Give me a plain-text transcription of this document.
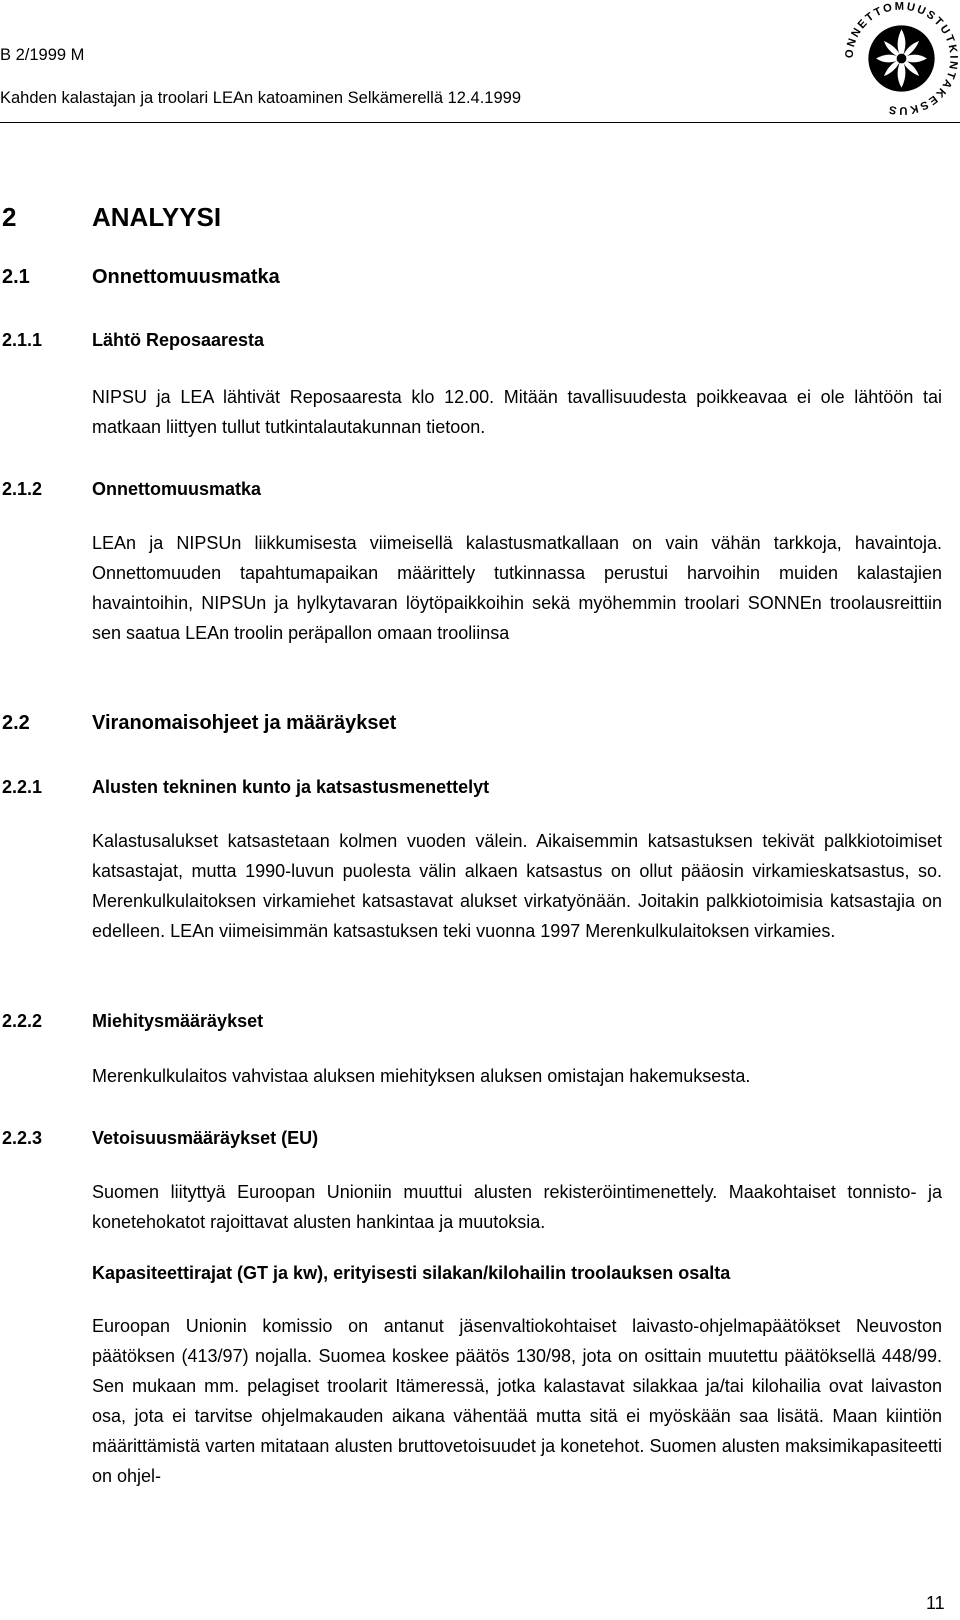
B 2/1999 M
Kahden kalastajan ja troolari LEAn katoaminen Selkämerellä 12.4.1999
ONNETTOMUUSTUTKINTAKESKUS
2	ANALYYSI
2.1	Onnettomuusmatka
2.1.1	Lähtö Reposaaresta
NIPSU ja LEA lähtivät Reposaaresta klo 12.00. Mitään tavallisuudesta poikkeavaa ei ole lähtöön tai matkaan liittyen tullut tutkintalautakunnan tietoon.
2.1.2	Onnettomuusmatka
LEAn ja NIPSUn liikkumisesta viimeisellä kalastusmatkallaan on vain vähän tarkkoja, havaintoja. Onnettomuuden tapahtumapaikan määrittely tutkinnassa perustui harvoihin muiden kalastajien havaintoihin, NIPSUn ja hylkytavaran löytöpaikkoihin sekä myöhemmin troolari SONNEn troolausreittiin sen saatua LEAn troolin peräpallon omaan trooliinsa
2.2	Viranomaisohjeet ja määräykset
2.2.1	Alusten tekninen kunto ja katsastusmenettelyt
Kalastusalukset katsastetaan kolmen vuoden välein. Aikaisemmin katsastuksen tekivät palkkiotoimiset katsastajat, mutta 1990-luvun puolesta välin alkaen katsastus on ollut pääosin virkamieskatsastus, so. Merenkulkulaitoksen virkamiehet katsastavat alukset virkatyönään. Joitakin palkkiotoimisia katsastajia on edelleen. LEAn viimeisimmän katsastuksen teki vuonna 1997 Merenkulkulaitoksen virkamies.
2.2.2	Miehitysmääräykset
Merenkulkulaitos vahvistaa aluksen miehityksen aluksen omistajan hakemuksesta.
2.2.3	Vetoisuusmääräykset (EU)
Suomen liityttyä Euroopan Unioniin muuttui alusten rekisteröintimenettely. Maakohtaiset tonnisto- ja konetehokatot rajoittavat alusten hankintaa ja muutoksia.
Kapasiteettirajat (GT ja kw), erityisesti silakan/kilohailin troolauksen osalta
Euroopan Unionin komissio on antanut jäsenvaltiokohtaiset laivasto-ohjelmapäätökset Neuvoston päätöksen (413/97) nojalla. Suomea koskee päätös 130/98, jota on osittain muutettu päätöksellä 448/99. Sen mukaan mm. pelagiset troolarit Itämeressä, jotka kalastavat silakkaa ja/tai kilohailia ovat laivaston osa, jota ei tarvitse ohjelmakauden aikana vähentää mutta sitä ei myöskään saa lisätä. Maan kiintiön määrittämistä varten mitataan alusten bruttovetoisuudet ja konetehot. Suomen alusten maksimikapasiteetti on ohjel-
11
